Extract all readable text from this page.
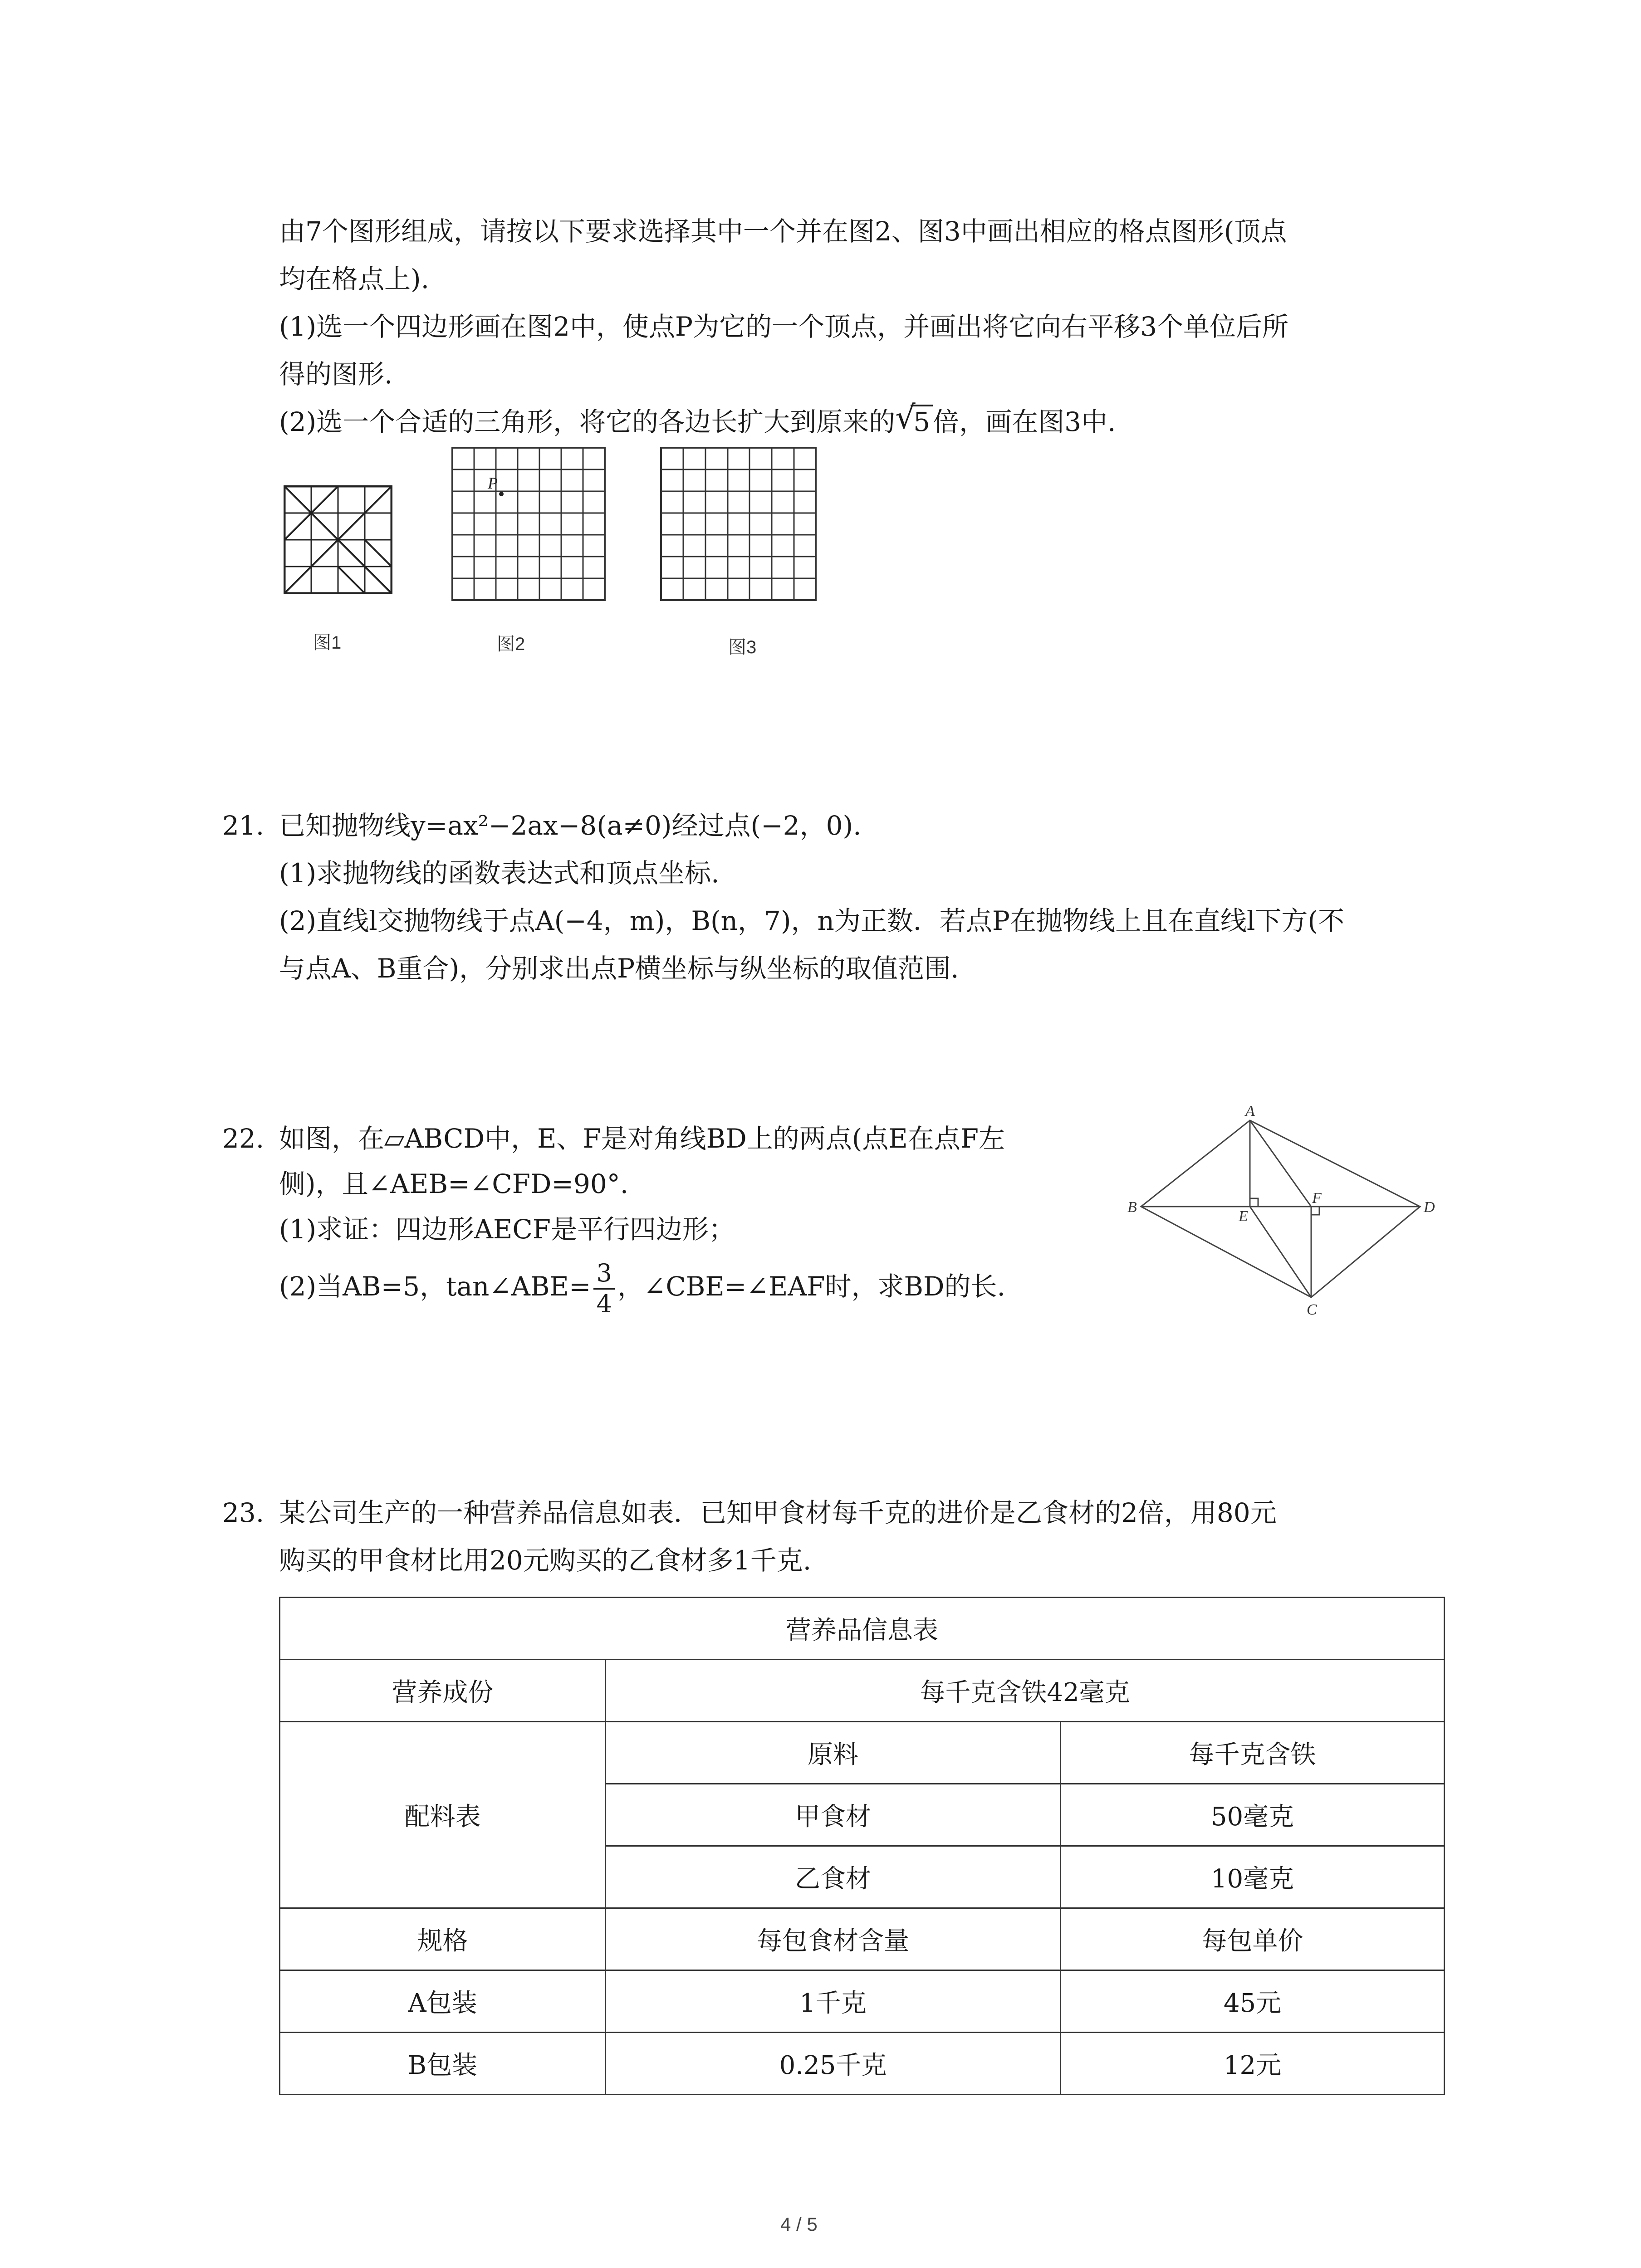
由7个图形组成，请按以下要求选择其中一个并在图2、图3中画出相应的格点图形(顶点
均在格点上).
(1)选一个四边形画在图2中，使点P为它的一个顶点，并画出将它向右平移3个单位后所
得的图形.
(2)选一个合适的三角形，将它的各边长扩大到原来的 √
5 倍，画在图3中.
图1
P
图2	图3
21. 已知抛物线y=ax²−2ax−8(a≠0)经过点(−2，0).
(1)求抛物线的函数表达式和顶点坐标.
(2)直线l交抛物线于点A(−4，m)，B(n，7)，n为正数．若点P在抛物线上且在直线l下方(不
与点A、B重合)，分别求出点P横坐标与纵坐标的取值范围.
22. 如图，在▱ABCD中，E、F是对角线BD上的两点(点E在点F左
侧)，且∠AEB=∠CFD=90°.
(1)求证：四边形AECF是平行四边形；
(2)当AB=5，tan∠ABE= $\frac{3}{4}$ ，∠CBE=∠EAF时，求BD的长.
A
B	D
C
E
F
23. 某公司生产的一种营养品信息如表．已知甲食材每千克的进价是乙食材的2倍，用80元
购买的甲食材比用20元购买的乙食材多1千克.
营养品信息表		
营养成份	每千克含铁42毫克	
配料表	原料	每千克含铁
	甲食材	50毫克
	乙食材	10毫克
规格	每包食材含量	每包单价
A包装	1千克	45元
B包装	0.25千克	12元
4 / 5
